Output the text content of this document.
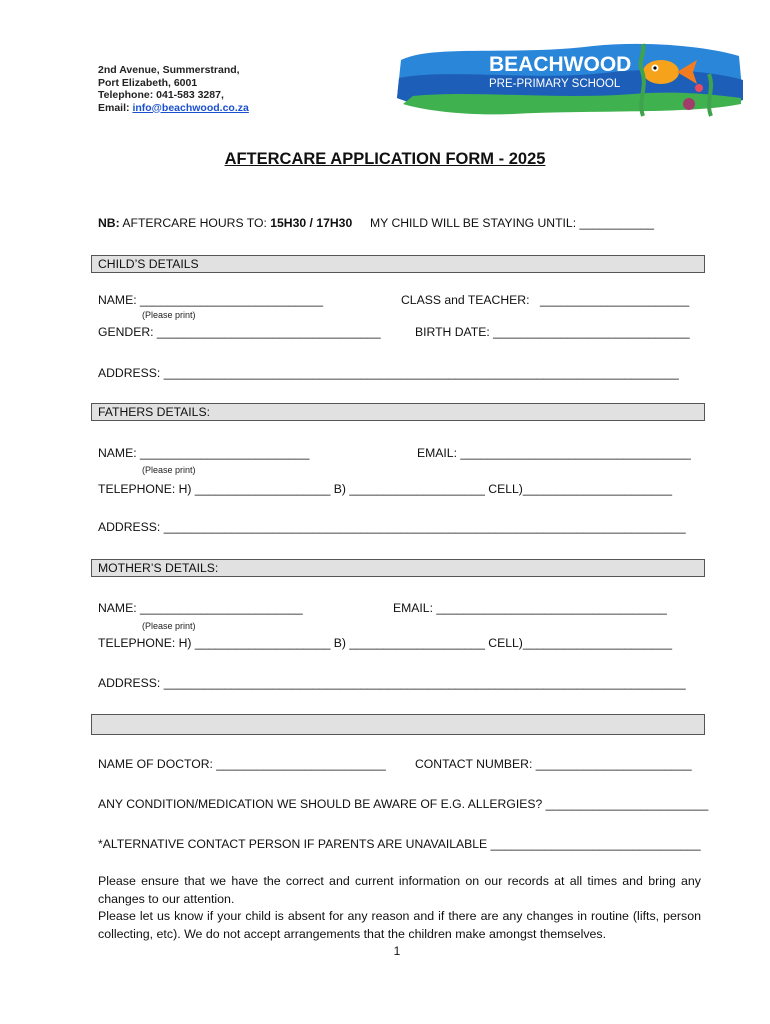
2nd Avenue, Summerstrand,
Port Elizabeth, 6001
Telephone: 041-583 3287,
Email: info@beachwood.co.za
BEACHWOOD
PRE-PRIMARY SCHOOL
AFTERCARE APPLICATION FORM - 2025
NB: AFTERCARE HOURS TO: 15H30 / 17H30 MY CHILD WILL BE STAYING UNTIL: ___________
CHILD’S DETAILS
NAME: ___________________________
(Please print)
CLASS and TEACHER: ______________________
GENDER: _________________________________	BIRTH DATE: _____________________________
ADDRESS: ____________________________________________________________________________
FATHERS DETAILS:
NAME: _________________________
(Please print)
EMAIL: __________________________________
TELEPHONE: H) ____________________ B) ____________________ CELL)______________________
ADDRESS: _____________________________________________________________________________
MOTHER’S DETAILS:
NAME: ________________________
(Please print)
EMAIL: __________________________________
TELEPHONE: H) ____________________ B) ____________________ CELL)______________________
ADDRESS: _____________________________________________________________________________
NAME OF DOCTOR: _________________________ CONTACT NUMBER: _______________________
ANY CONDITION/MEDICATION WE SHOULD BE AWARE OF E.G. ALLERGIES? ________________________
*ALTERNATIVE CONTACT PERSON IF PARENTS ARE UNAVAILABLE _______________________________
Please ensure that we have the correct and current information on our records at all times and bring any changes to our attention.
Please let us know if your child is absent for any reason and if there are any changes in routine (lifts, person collecting, etc). We do not accept arrangements that the children make amongst themselves.
1
